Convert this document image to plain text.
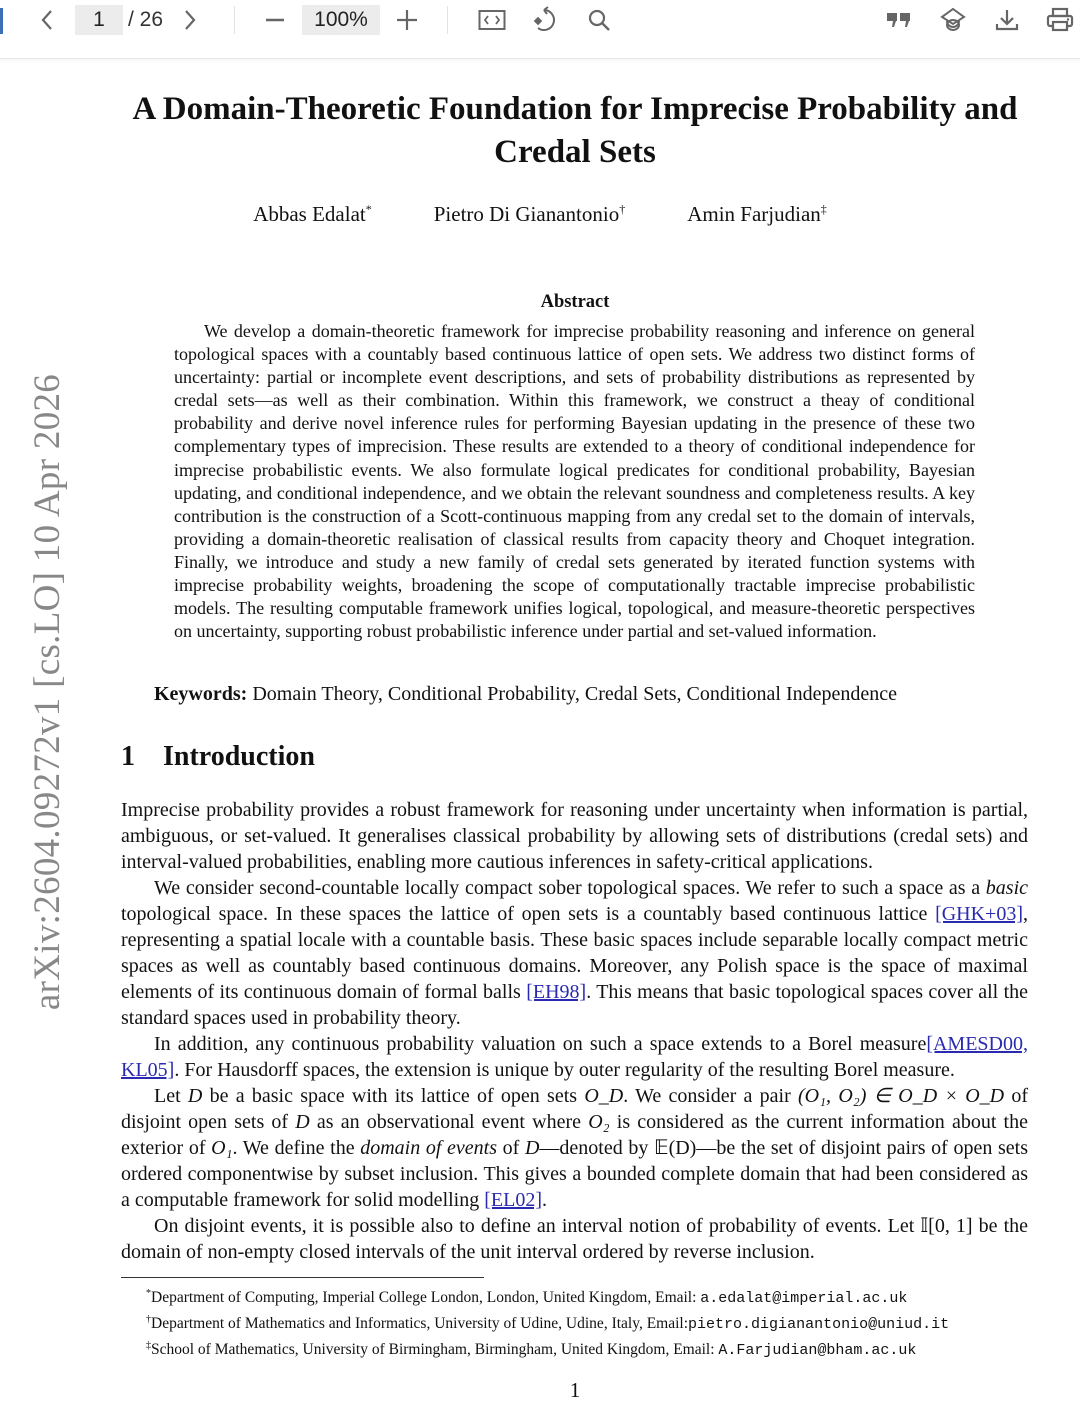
1 / 26	100%
arXiv:2604.09272v1 [cs.LO] 10 Apr 2026
A Domain-Theoretic Foundation for Imprecise Probability and Credal Sets
Abbas Edalat*	Pietro Di Gianantonio†	Amin Farjudian‡
Abstract
We develop a domain-theoretic framework for imprecise probability reasoning and inference on general topological spaces with a countably based continuous lattice of open sets. We address two distinct forms of uncertainty: partial or incomplete event descriptions, and sets of probability distributions as represented by credal sets—as well as their combination. Within this framework, we construct a theay of conditional probability and derive novel inference rules for performing Bayesian updating in the presence of these two complementary types of imprecision. These results are extended to a theory of conditional independence for imprecise probabilistic events. We also formulate logical predicates for conditional probability, Bayesian updating, and conditional independence, and we obtain the relevant soundness and completeness results. A key contribution is the construction of a Scott-continuous mapping from any credal set to the domain of intervals, providing a domain-theoretic realisation of classical results from capacity theory and Choquet integration. Finally, we introduce and study a new family of credal sets generated by iterated function systems with imprecise probability weights, broadening the scope of computationally tractable imprecise probabilistic models. The resulting computable framework unifies logical, topological, and measure-theoretic perspectives on uncertainty, supporting robust probabilistic inference under partial and set-valued information.
Keywords: Domain Theory, Conditional Probability, Credal Sets, Conditional Independence
1 Introduction

Imprecise probability provides a robust framework for reasoning under uncertainty when information is partial, ambiguous, or set-valued. It generalises classical probability by allowing sets of distributions (credal sets) and interval-valued probabilities, enabling more cautious inferences in safety-critical applications.

We consider second-countable locally compact sober topological spaces. We refer to such a space as a basic topological space. In these spaces the lattice of open sets is a countably based continuous lattice [GHK+03], representing a spatial locale with a countable basis. These basic spaces include separable locally compact metric spaces as well as countably based continuous domains. Moreover, any Polish space is the space of maximal elements of its continuous domain of formal balls [EH98]. This means that basic topological spaces cover all the standard spaces used in probability theory.

In addition, any continuous probability valuation on such a space extends to a Borel measure[AMESD00, KL05]. For Hausdorff spaces, the extension is unique by outer regularity of the resulting Borel measure.

Let D be a basic space with its lattice of open sets O_D. We consider a pair (O₁, O₂) ∈ O_D × O_D of disjoint open sets of D as an observational event where O₂ is considered as the current information about the exterior of O₁. We define the domain of events of D—denoted by 𝔼(D)—be the set of disjoint pairs of open sets ordered componentwise by subset inclusion. This gives a bounded complete domain that had been considered as a computable framework for solid modelling [EL02].

On disjoint events, it is possible also to define an interval notion of probability of events. Let 𝕀[0, 1] be the domain of non-empty closed intervals of the unit interval ordered by reverse inclusion.

*Department of Computing, Imperial College London, London, United Kingdom, Email: a.edalat@imperial.ac.uk
†Department of Mathematics and Informatics, University of Udine, Udine, Italy, Email:pietro.digianantonio@uniud.it
‡School of Mathematics, University of Birmingham, Birmingham, United Kingdom, Email: A.Farjudian@bham.ac.uk
1
